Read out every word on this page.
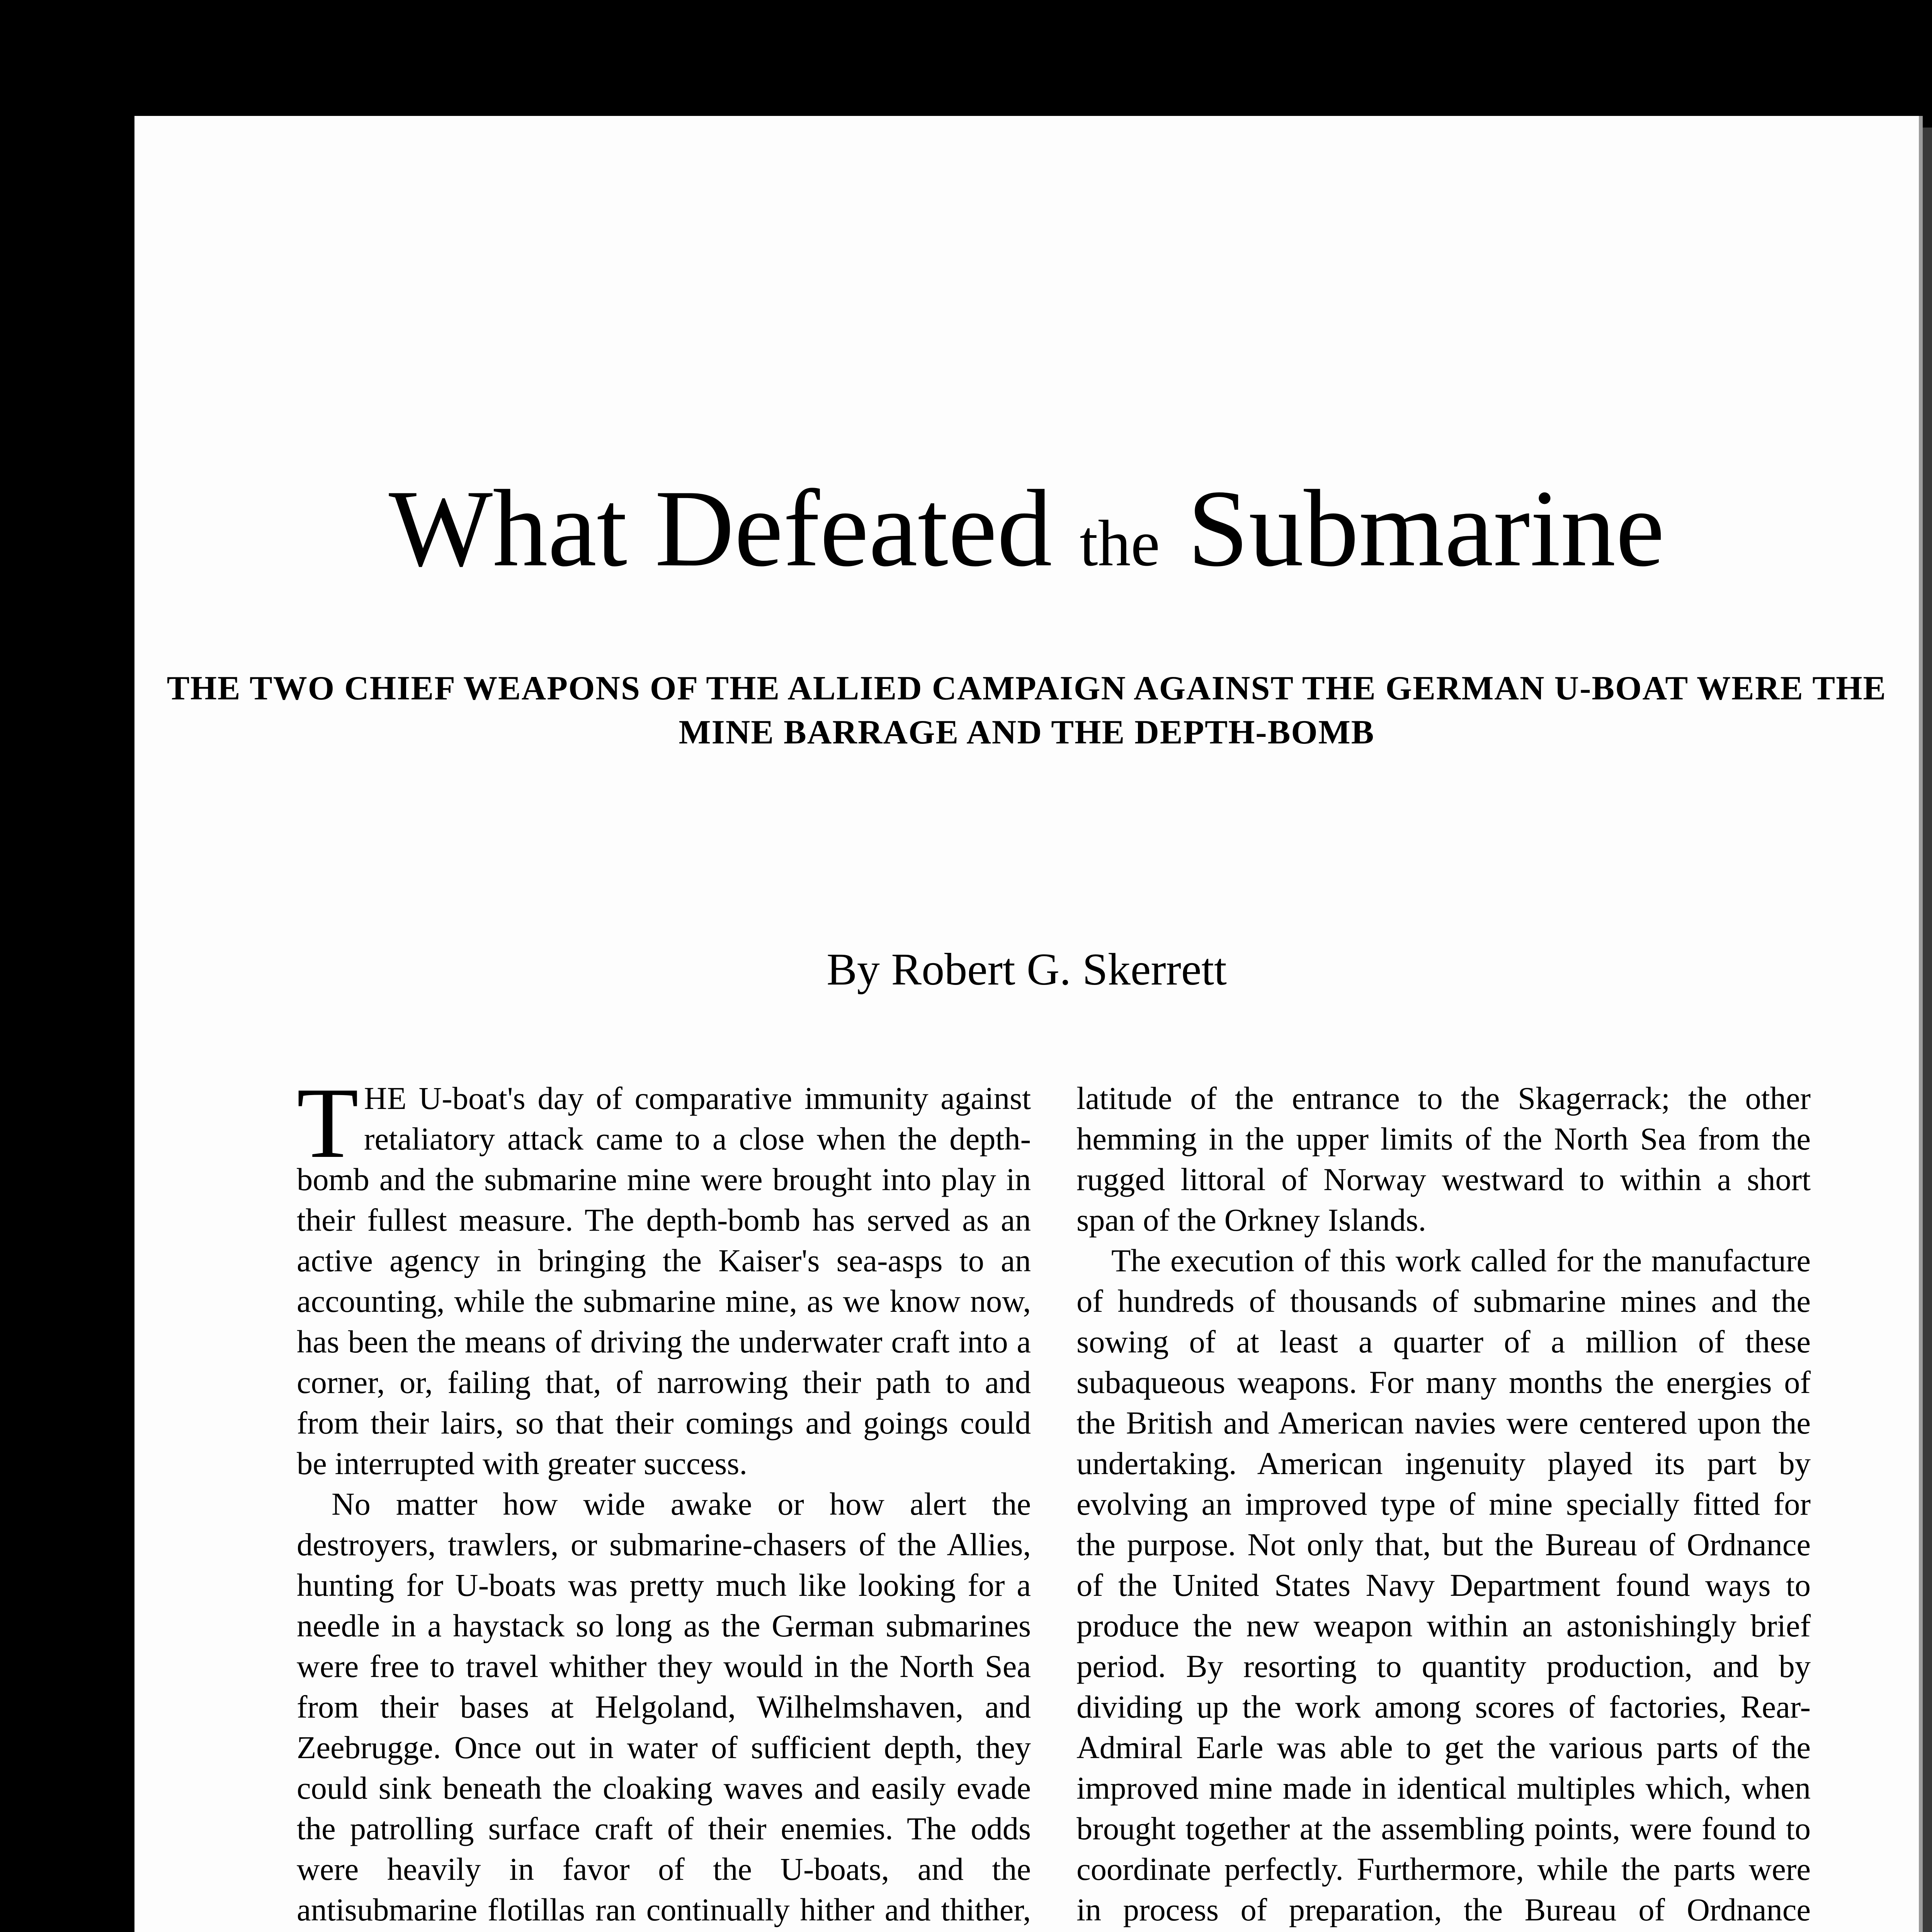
What Defeated the Submarine
THE TWO CHIEF WEAPONS OF THE ALLIED CAMPAIGN AGAINST THE GERMAN U-BOAT WERE THE MINE BARRAGE AND THE DEPTH-BOMB
By Robert G. Skerrett

THE U-boat's day of comparative immunity against retaliatory attack came to a close when the depth-bomb and the submarine mine were brought into play in their fullest measure. The depth-bomb has served as an active agency in bringing the Kaiser's sea-asps to an accounting, while the submarine mine, as we know now, has been the means of driving the underwater craft into a corner, or, failing that, of narrowing their path to and from their lairs, so that their comings and goings could be interrupted with greater success.

No matter how wide awake or how alert the destroyers, trawlers, or submarine-chasers of the Allies, hunting for U-boats was pretty much like looking for a needle in a haystack so long as the German submarines were free to travel whither they would in the North Sea from their bases at Helgoland, Wilhelmshaven, and Zeebrugge. Once out in water of sufficient depth, they could sink beneath the cloaking waves and easily evade the patrolling surface craft of their enemies. The odds were heavily in favor of the U-boats, and the antisubmarine flotillas ran continually hither and thither,

latitude of the entrance to the Skagerrack; the other hemming in the upper limits of the North Sea from the rugged littoral of Norway westward to within a short span of the Orkney Islands.

The execution of this work called for the manufacture of hundreds of thousands of submarine mines and the sowing of at least a quarter of a million of these subaqueous weapons. For many months the energies of the British and American navies were centered upon the undertaking. American ingenuity played its part by evolving an improved type of mine specially fitted for the purpose. Not only that, but the Bureau of Ordnance of the United States Navy Department found ways to produce the new weapon within an astonishingly brief period. By resorting to quantity production, and by dividing up the work among scores of factories, Rear-Admiral Earle was able to get the various parts of the improved mine made in identical multiples which, when brought together at the assembling points, were found to coordinate perfectly. Furthermore, while the parts were in process of preparation, the Bureau of Ordnance
